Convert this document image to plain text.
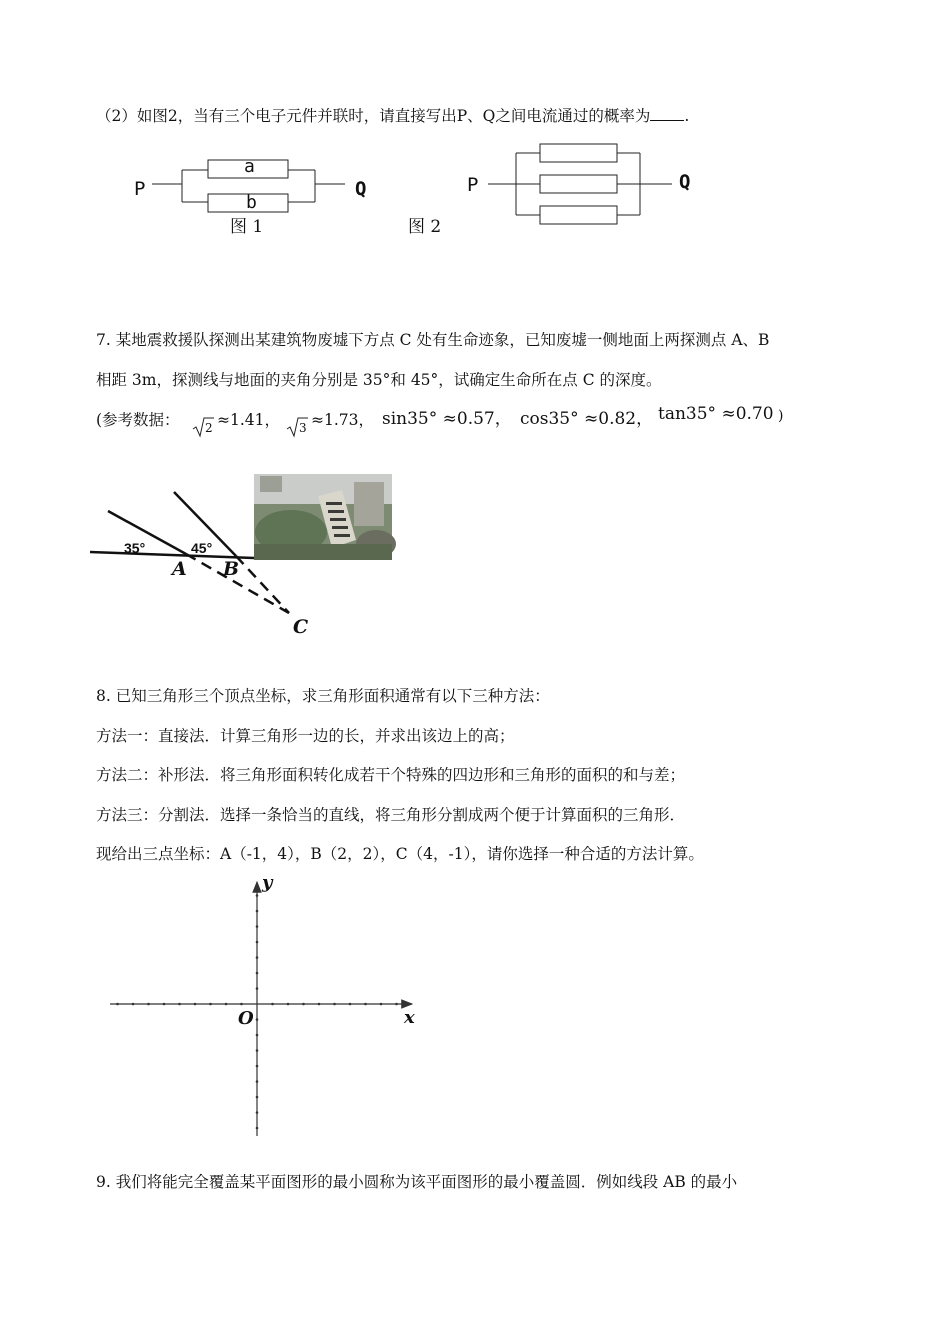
（2）如图2，当有三个电子元件并联时，请直接写出P、Q之间电流通过的概率为 .
P	Q
a
b
图 1
P	Q
图 2
7. 某地震救援队探测出某建筑物废墟下方点 C 处有生命迹象，已知废墟一侧地面上两探测点 A、B
相距 3m，探测线与地面的夹角分别是 35°和 45°，试确定生命所在点 C 的深度。
(参考数据： 2 ≈1.41， 3 ≈1.73， sin35° ≈0.57， cos35° ≈0.82， tan35° ≈0.70 )
35°	45°
A B
C
8. 已知三角形三个顶点坐标，求三角形面积通常有以下三种方法：
方法一：直接法．计算三角形一边的长，并求出该边上的高；
方法二：补形法．将三角形面积转化成若干个特殊的四边形和三角形的面积的和与差；
方法三：分割法．选择一条恰当的直线，将三角形分割成两个便于计算面积的三角形．
现给出三点坐标：A（-1，4），B（2，2），C（4，-1），请你选择一种合适的方法计算。
y
x
O
9. 我们将能完全覆盖某平面图形的最小圆称为该平面图形的最小覆盖圆．例如线段 AB 的最小
